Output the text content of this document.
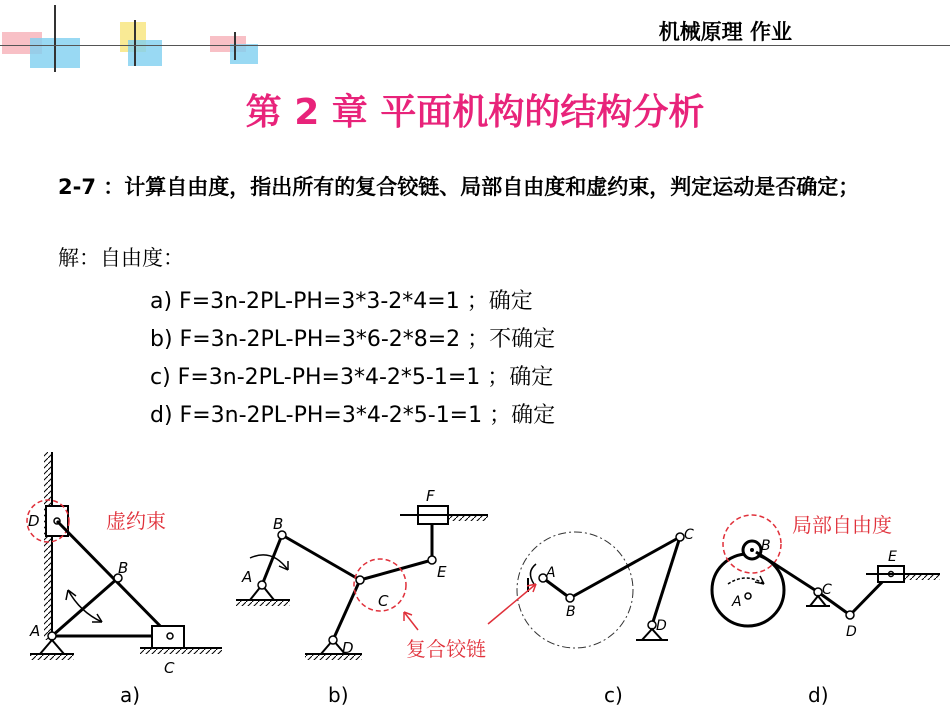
机械原理 作业
第 2 章 平面机构的结构分析
2-7 ：计算自由度，指出所有的复合铰链、局部自由度和虚约束，判定运动是否确定；
解：自由度：
a) F=3n-2PL-PH=3*3-2*4=1 ；确定
b) F=3n-2PL-PH=3*6-2*8=2 ；不确定
c) F=3n-2PL-PH=3*4-2*5-1=1 ；确定
d) F=3n-2PL-PH=3*4-2*5-1=1 ；确定
D
B
A
C
虚约束
a)
B
A
F
E
C
D	复合铰链
b)
A
B
C
D
c)
B
A
C
E
D
局部自由度
d)
